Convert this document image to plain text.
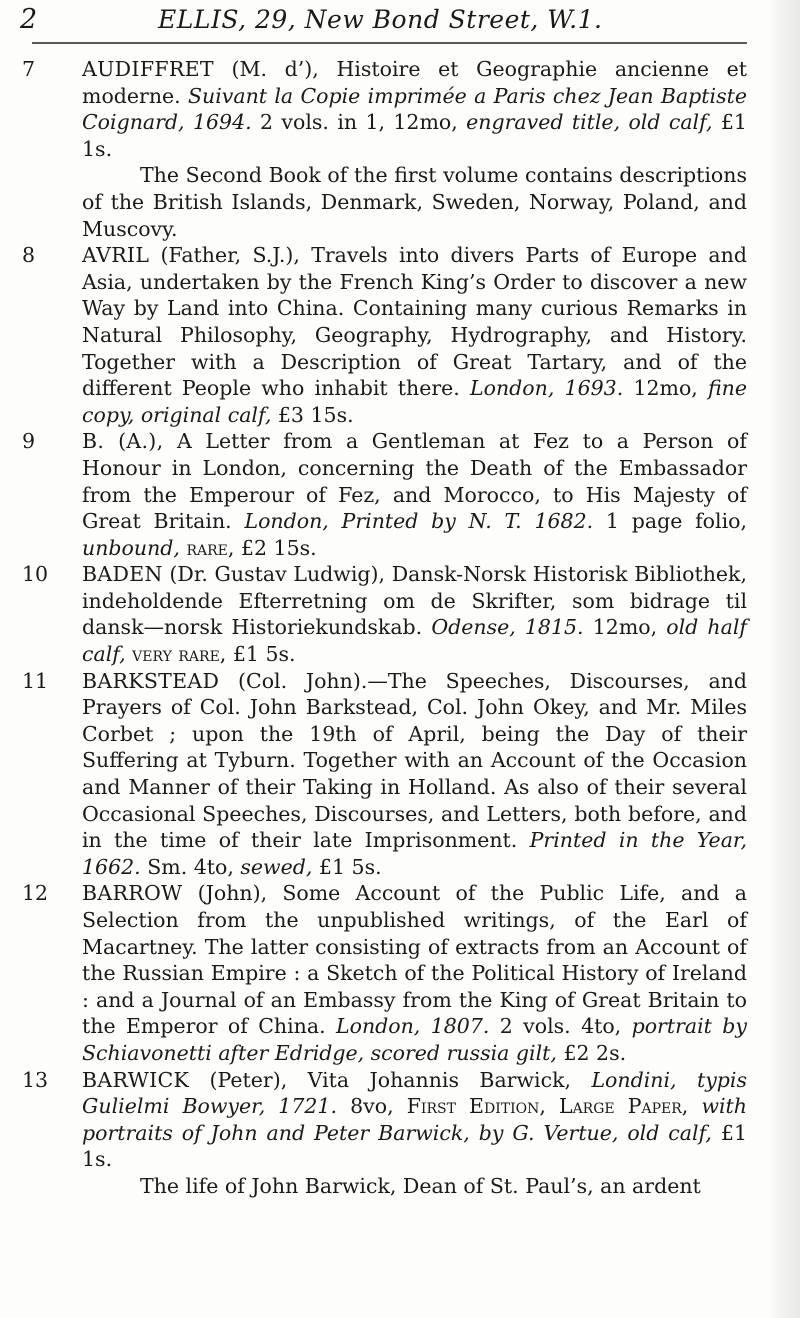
2	ELLIS, 29, New Bond Street, W.1.
7	AUDIFFRET (M. d’), Histoire et Geographie ancienne et moderne. Suivant la Copie imprimée a Paris chez Jean Baptiste Coignard, 1694. 2 vols. in 1, 12mo, engraved title, old calf, £1 1s.

The Second Book of the first volume contains descriptions of the British Islands, Denmark, Sweden, Norway, Poland, and Muscovy.

8	AVRIL (Father, S.J.), Travels into divers Parts of Europe and Asia, undertaken by the French King’s Order to discover a new Way by Land into China. Containing many curious Remarks in Natural Philosophy, Geography, Hydrography, and History. Together with a Description of Great Tartary, and of the different People who inhabit there. London, 1693. 12mo, fine copy, original calf, £3 15s.

9	B. (A.), A Letter from a Gentleman at Fez to a Person of Honour in London, concerning the Death of the Embassador from the Emperour of Fez, and Morocco, to His Majesty of Great Britain. London, Printed by N. T. 1682. 1 page folio, unbound, rare, £2 15s.

10	BADEN (Dr. Gustav Ludwig), Dansk-Norsk Historisk Bibliothek, indeholdende Efterretning om de Skrifter, som bidrage til dansk—norsk Historiekundskab. Odense, 1815. 12mo, old half calf, very rare, £1 5s.

11	BARKSTEAD (Col. John).—The Speeches, Discourses, and Prayers of Col. John Barkstead, Col. John Okey, and Mr. Miles Corbet ; upon the 19th of April, being the Day of their Suffering at Tyburn. Together with an Account of the Occasion and Manner of their Taking in Holland. As also of their several Occasional Speeches, Discourses, and Letters, both before, and in the time of their late Imprisonment. Printed in the Year, 1662. Sm. 4to, sewed, £1 5s.

12	BARROW (John), Some Account of the Public Life, and a Selection from the unpublished writings, of the Earl of Macartney. The latter consisting of extracts from an Account of the Russian Empire : a Sketch of the Political History of Ireland : and a Journal of an Embassy from the King of Great Britain to the Emperor of China. London, 1807. 2 vols. 4to, portrait by Schiavonetti after Edridge, scored russia gilt, £2 2s.

13	BARWICK (Peter), Vita Johannis Barwick, Londini, typis Gulielmi Bowyer, 1721. 8vo, First Edition, Large Paper, with portraits of John and Peter Barwick, by G. Vertue, old calf, £1 1s.

The life of John Barwick, Dean of St. Paul’s, an ardent
